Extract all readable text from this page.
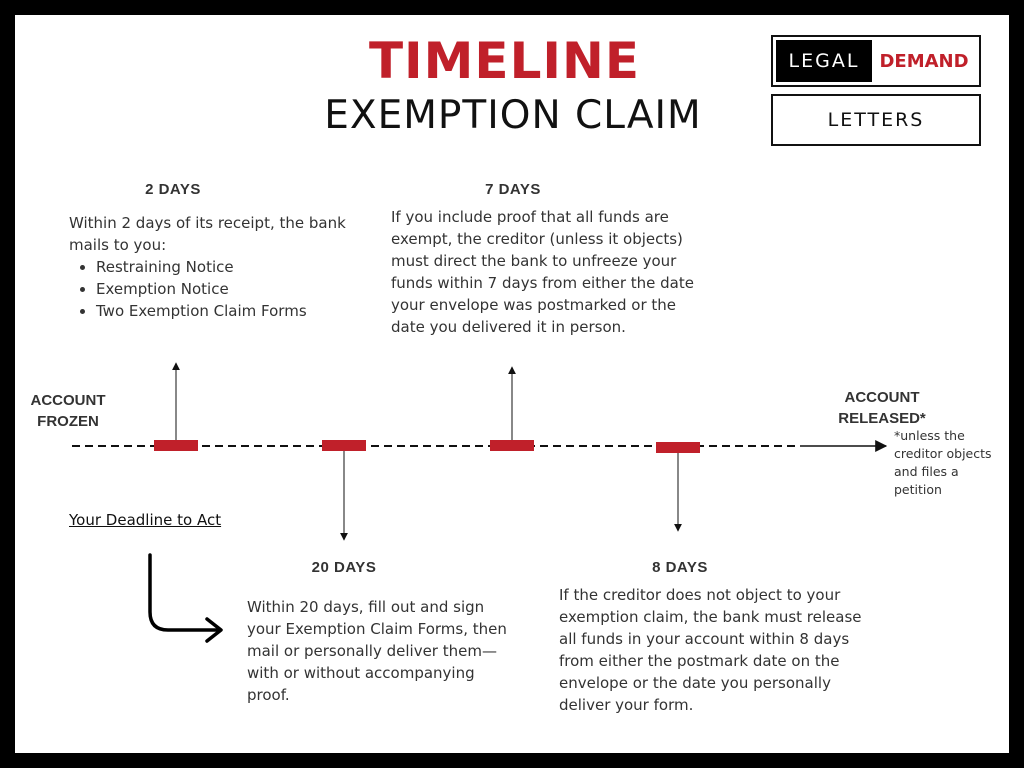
TIMELINE
EXEMPTION CLAIM
LEGAL	DEMAND
LETTERS
ACCOUNT
FROZEN
ACCOUNT
RELEASED*
*unless the
creditor objects
and files a
petition
2 DAYS
Within 2 days of its receipt, the bank mails to you:
• Restraining Notice
• Exemption Notice
• Two Exemption Claim Forms
7 DAYS
If you include proof that all funds are exempt, the creditor (unless it objects) must direct the bank to unfreeze your funds within 7 days from either the date your envelope was postmarked or the date you delivered it in person.
20 DAYS
Within 20 days, fill out and sign your Exemption Claim Forms, then mail or personally deliver them—with or without accompanying proof.
8 DAYS
If the creditor does not object to your exemption claim, the bank must release all funds in your account within 8 days from either the postmark date on the envelope or the date you personally deliver your form.
Your Deadline to Act
